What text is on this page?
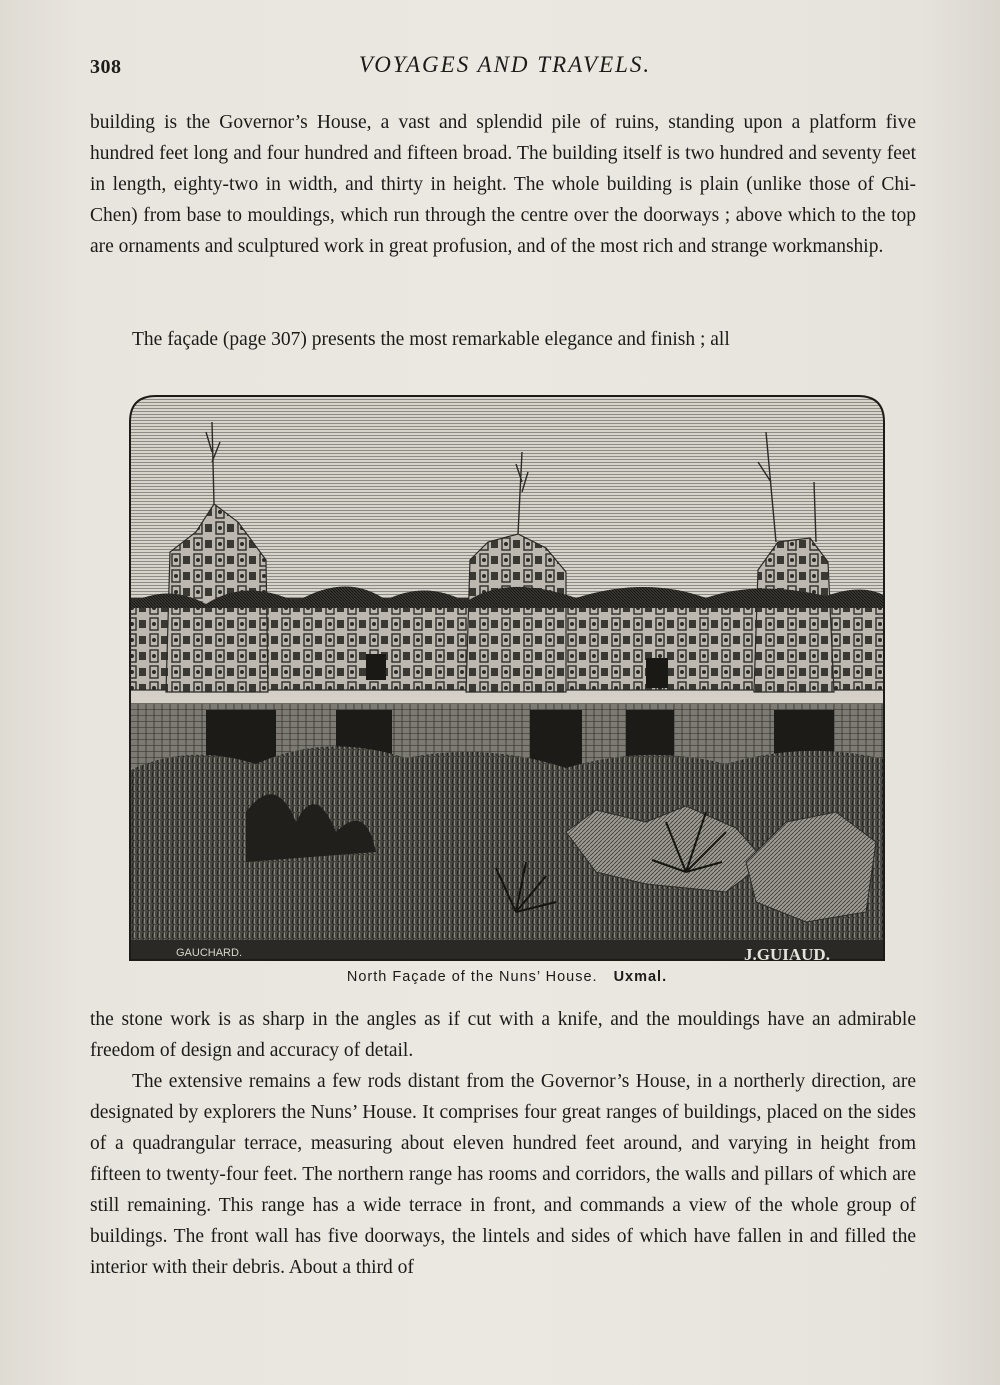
308	VOYAGES AND TRAVELS.

building is the Governor’s House, a vast and splendid pile of ruins, standing upon a platform five hundred feet long and four hundred and fifteen broad. The building itself is two hundred and seventy feet in length, eighty-two in width, and thirty in height. The whole building is plain (unlike those of Chi-Chen) from base to mouldings, which run through the centre over the doorways ; above which to the top are ornaments and sculptured work in great profusion, and of the most rich and strange workmanship.

The façade (page 307) presents the most remarkable elegance and finish ; all

GAUCHARD.	J.GUIAUD.
North Façade of the Nuns’ House. Uxmal.

the stone work is as sharp in the angles as if cut with a knife, and the mouldings have an admirable freedom of design and accuracy of detail.

The extensive remains a few rods distant from the Governor’s House, in a northerly direction, are designated by explorers the Nuns’ House. It comprises four great ranges of buildings, placed on the sides of a quadrangular terrace, measuring about eleven hundred feet around, and varying in height from fifteen to twenty-four feet. The northern range has rooms and corridors, the walls and pillars of which are still remaining. This range has a wide terrace in front, and commands a view of the whole group of buildings. The front wall has five doorways, the lintels and sides of which have fallen in and filled the interior with their debris. About a third of
